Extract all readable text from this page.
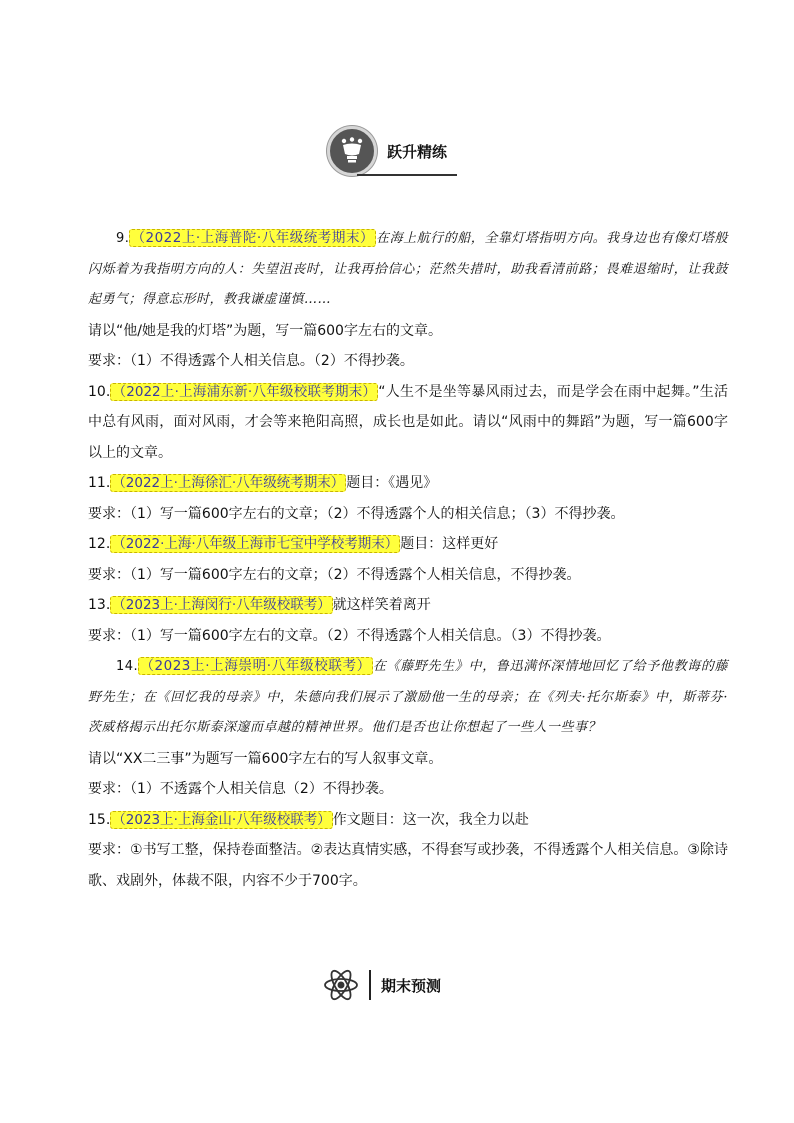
跃升精练

9. （2022上·上海普陀·八年级统考期末） 在海上航行的船，全靠灯塔指明方向。我身边也有像灯塔般闪烁着为我指明方向的人：失望沮丧时，让我再拾信心；茫然失措时，助我看清前路；畏难退缩时，让我鼓起勇气；得意忘形时，教我谦虚谨慎……

请以“他/她是我的灯塔”为题，写一篇600字左右的文章。

要求：（1）不得透露个人相关信息。（2）不得抄袭。

10. （2022上·上海浦东新·八年级校联考期末） “人生不是坐等暴风雨过去，而是学会在雨中起舞。”生活中总有风雨，面对风雨，才会等来艳阳高照，成长也是如此。请以“风雨中的舞蹈”为题，写一篇600字以上的文章。

11. （2022上·上海徐汇·八年级统考期末） 题目：《遇见》

要求：（1）写一篇600字左右的文章；（2）不得透露个人的相关信息；（3）不得抄袭。

12. （2022·上海·八年级上海市七宝中学校考期末） 题目：这样更好

要求：（1）写一篇600字左右的文章；（2）不得透露个人相关信息，不得抄袭。

13. （2023上·上海闵行·八年级校联考） 就这样笑着离开

要求：（1）写一篇600字左右的文章。（2）不得透露个人相关信息。（3）不得抄袭。

14. （2023上·上海崇明·八年级校联考） 在《藤野先生》中，鲁迅满怀深情地回忆了给予他教诲的藤野先生；在《回忆我的母亲》中，朱德向我们展示了激励他一生的母亲；在《列夫·托尔斯泰》中，斯蒂芬·茨威格揭示出托尔斯泰深邃而卓越的精神世界。他们是否也让你想起了一些人一些事？

请以“XX二三事”为题写一篇600字左右的写人叙事文章。

要求：（1）不透露个人相关信息（2）不得抄袭。

15. （2023上·上海金山·八年级校联考） 作文题目：这一次，我全力以赴

要求：①书写工整，保持卷面整洁。②表达真情实感，不得套写或抄袭，不得透露个人相关信息。③除诗歌、戏剧外，体裁不限，内容不少于700字。

期末预测
